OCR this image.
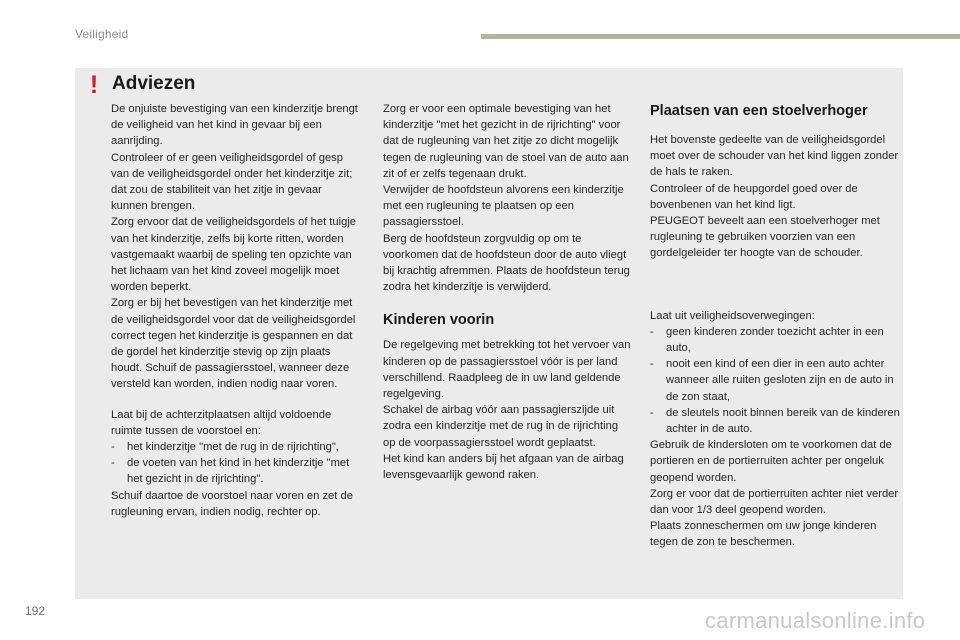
Veiligheid
! Adviezen

De onjuiste bevestiging van een kinderzitje brengt de veiligheid van het kind in gevaar bij een aanrijding.

Controleer of er geen veiligheidsgordel of gesp van de veiligheidsgordel onder het kinderzitje zit; dat zou de stabiliteit van het zitje in gevaar kunnen brengen.

Zorg ervoor dat de veiligheidsgordels of het tuigje van het kinderzitje, zelfs bij korte ritten, worden vastgemaakt waarbij de speling ten opzichte van het lichaam van het kind zoveel mogelijk moet worden beperkt.

Zorg er bij het bevestigen van het kinderzitje met de veiligheidsgordel voor dat de veiligheidsgordel correct tegen het kinderzitje is gespannen en dat de gordel het kinderzitje stevig op zijn plaats houdt. Schuif de passagiersstoel, wanneer deze versteld kan worden, indien nodig naar voren.

Laat bij de achterzitplaatsen altijd voldoende ruimte tussen de voorstoel en:

-	het kinderzitje "met de rug in de rijrichting",
-	de voeten van het kind in het kinderzitje "met het gezicht in de rijrichting".

Schuif daartoe de voorstoel naar voren en zet de rugleuning ervan, indien nodig, rechter op.

Zorg er voor een optimale bevestiging van het kinderzitje "met het gezicht in de rijrichting" voor dat de rugleuning van het zitje zo dicht mogelijk tegen de rugleuning van de stoel van de auto aan zit of er zelfs tegenaan drukt.

Verwijder de hoofdsteun alvorens een kinderzitje met een rugleuning te plaatsen op een passagiersstoel.

Berg de hoofdsteun zorgvuldig op om te voorkomen dat de hoofdsteun door de auto vliegt bij krachtig afremmen. Plaats de hoofdsteun terug zodra het kinderzitje is verwijderd.

Kinderen voorin

De regelgeving met betrekking tot het vervoer van kinderen op de passagiersstoel vóór is per land verschillend. Raadpleeg de in uw land geldende regelgeving.

Schakel de airbag vóór aan passagierszijde uit zodra een kinderzitje met de rug in de rijrichting op de voorpassagiersstoel wordt geplaatst.

Het kind kan anders bij het afgaan van de airbag levensgevaarlijk gewond raken.

Plaatsen van een stoelverhoger

Het bovenste gedeelte van de veiligheidsgordel moet over de schouder van het kind liggen zonder de hals te raken.

Controleer of de heupgordel goed over de bovenbenen van het kind ligt.

PEUGEOT beveelt aan een stoelverhoger met rugleuning te gebruiken voorzien van een gordelgeleider ter hoogte van de schouder.

Laat uit veiligheidsoverwegingen:

-	geen kinderen zonder toezicht achter in een auto,
-	nooit een kind of een dier in een auto achter wanneer alle ruiten gesloten zijn en de auto in de zon staat,
-	de sleutels nooit binnen bereik van de kinderen achter in de auto.

Gebruik de kindersloten om te voorkomen dat de portieren en de portierruiten achter per ongeluk geopend worden.

Zorg er voor dat de portierruiten achter niet verder dan voor 1/3 deel geopend worden.

Plaats zonneschermen om uw jonge kinderen tegen de zon te beschermen.

192	carmanualsonline.info
